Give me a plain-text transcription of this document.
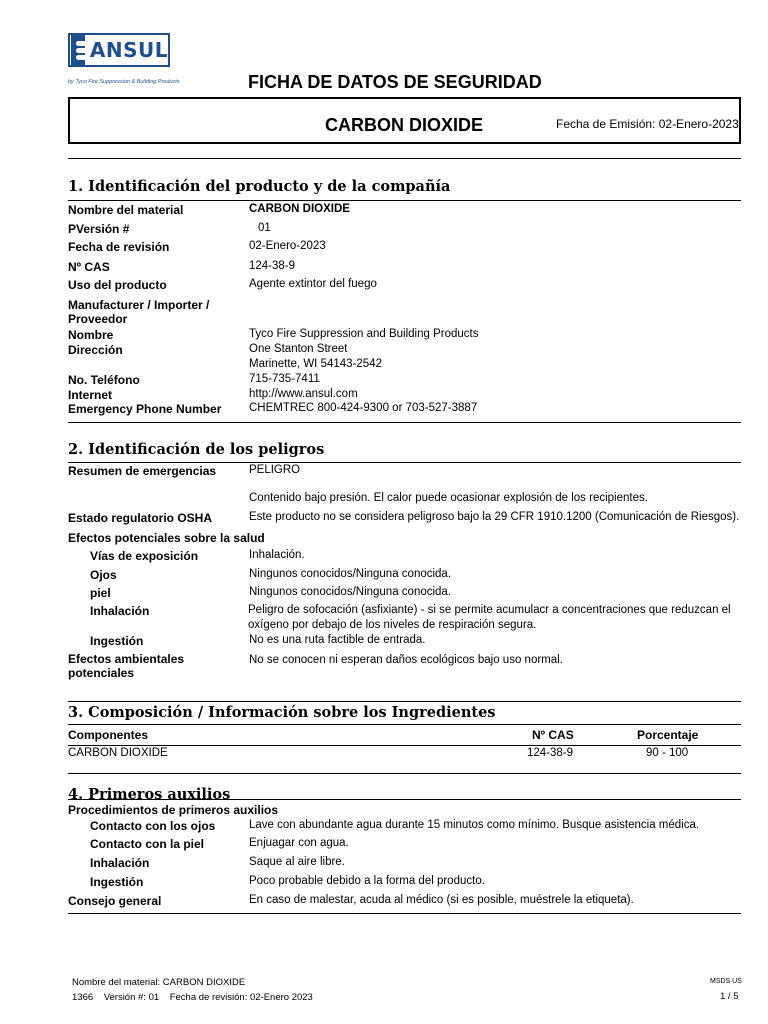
ANSUL
by Tyco Fire Suppression & Building Products	FICHA DE DATOS DE SEGURIDAD
CARBON DIOXIDE	Fecha de Emisión: 02-Enero-2023
1. Identificación del producto y de la compañía
Nombre del material	CARBON DIOXIDE
PVersión #	01
Fecha de revisión	02-Enero-2023
Nº CAS	124-38-9
Uso del producto	Agente extintor del fuego
Manufacturer / Importer /
Proveedor
Nombre	Tyco Fire Suppression and Building Products
Dirección	One Stanton Street
Marinette, WI 54143-2542
No. Teléfono	715-735-7411
Internet	http://www.ansul.com
Emergency Phone Number CHEMTREC 800-424-9300 or 703-527-3887
2. Identificación de los peligros
Resumen de emergencias	PELIGRO
Contenido bajo presión. El calor puede ocasionar explosión de los recipientes.
Estado regulatorio OSHA	Este producto no se considera peligroso bajo la 29 CFR 1910.1200 (Comunicación de Riesgos).
Efectos potenciales sobre la salud
Vías de exposición	Inhalación.
Ojos	Ningunos conocidos/Ninguna conocida.
piel	Ningunos conocidos/Ninguna conocida.
Inhalación	Peligro de sofocación (asfixiante) - si se permite acumulacr a concentraciones que reduzcan el
oxígeno por debajo de los niveles de respiración segura.
Ingestión	No es una ruta factible de entrada.
Efectos ambientales
potenciales
No se conocen ni esperan daños ecológicos bajo uso normal.
3. Composición / Información sobre los Ingredientes
Componentes	Nº CAS	Porcentaje
CARBON DIOXIDE	124-38-9	90 - 100
4. Primeros auxilios
Procedimientos de primeros auxilios
Contacto con los ojos	Lave con abundante agua durante 15 minutos como mínimo. Busque asistencia médica.
Contacto con la piel	Enjuagar con agua.
Inhalación	Saque al aire libre.
Ingestión	Poco probable debido a la forma del producto.
Consejo general	En caso de malestar, acuda al médico (si es posible, muéstrele la etiqueta).
Nombre del material: CARBON DIOXIDE
1366    Versión #: 01    Fecha de revisión: 02-Enero 2023
MSDS US
1 / 5
